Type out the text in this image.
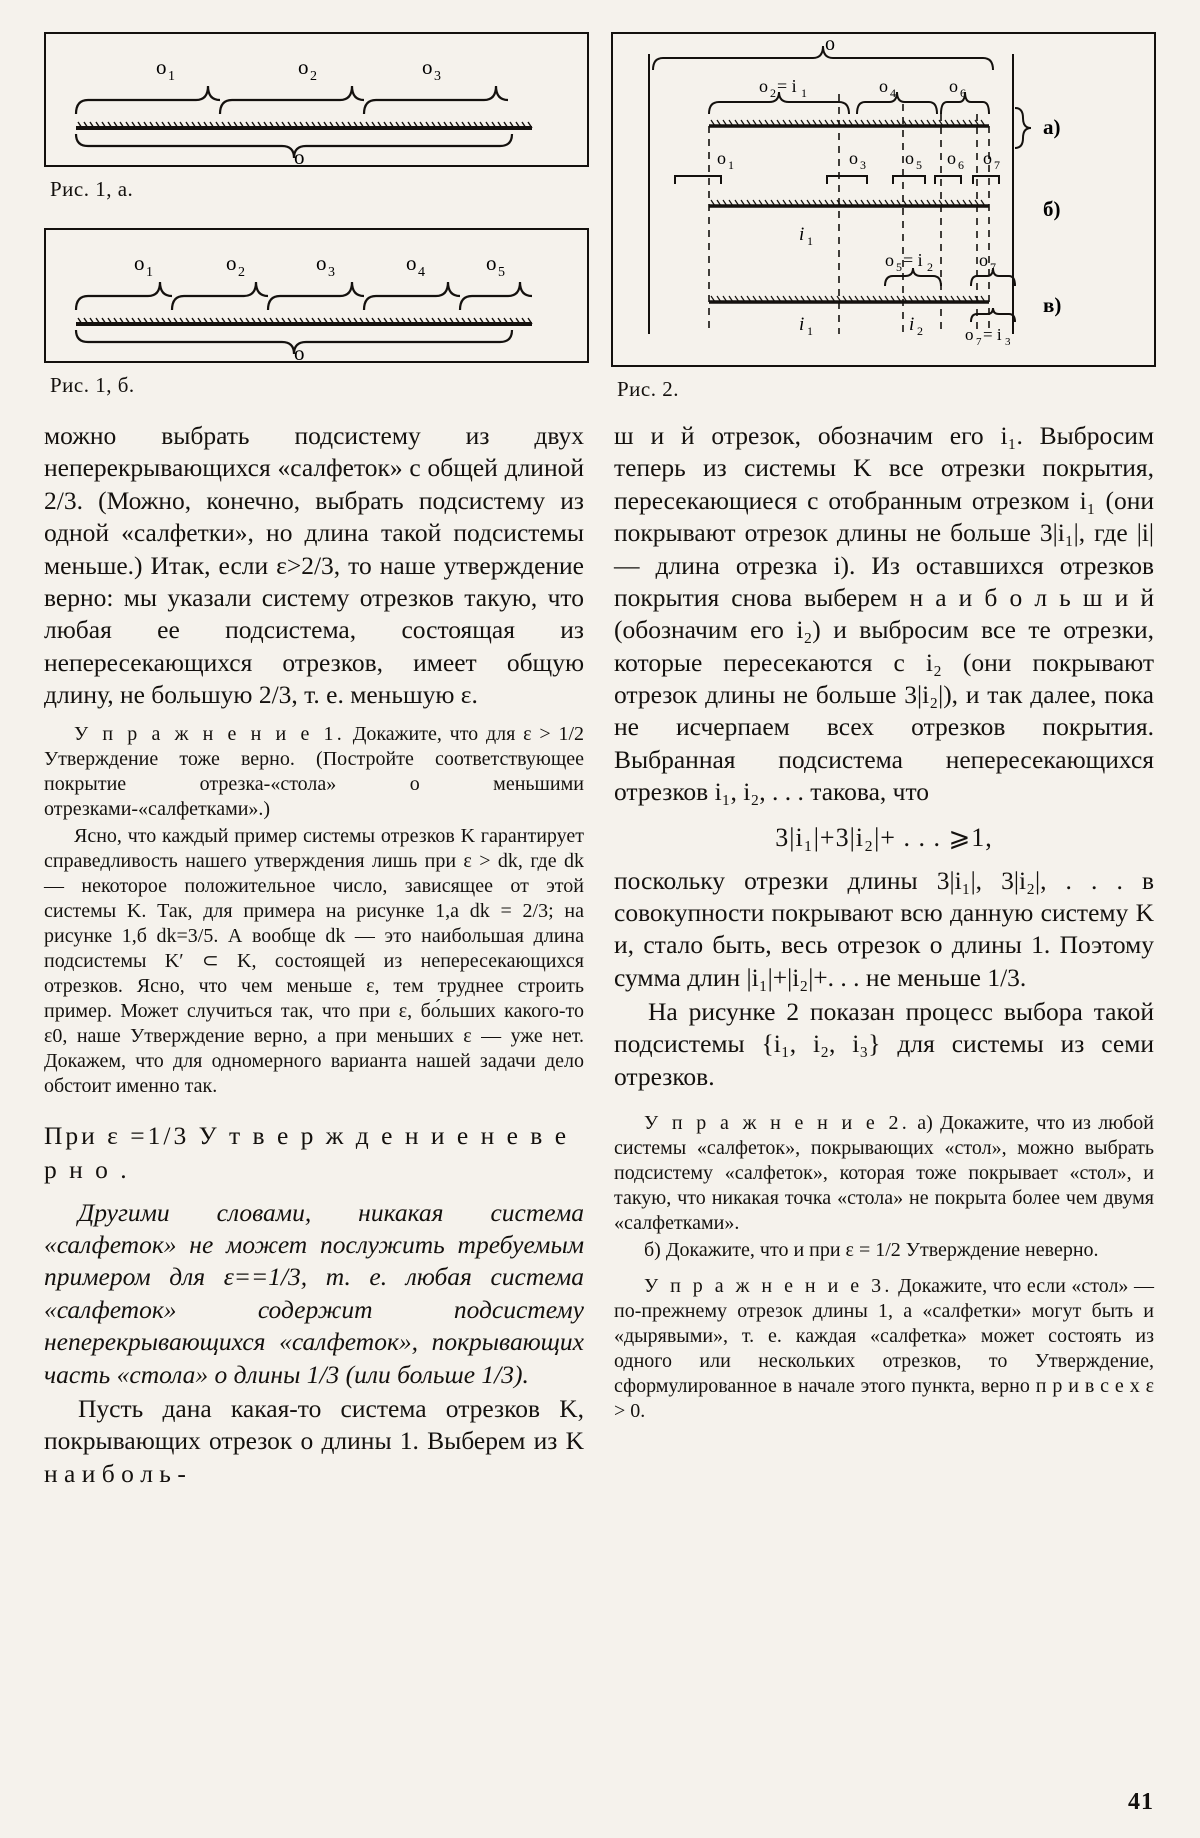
o 1	o 2	o 3
o
Рис. 1, а.
o 1	o 2	o 3	o 4	o 5
o
Рис. 1, б.
o
o 2 = i 1	o 4	o 6
а)
o 1	o 3 o 5 o 6 o 7
б)
i 1
o 5 = i 2	o 7
в)
i 1	i 2 o 7 = i 3
Рис. 2.

можно выбрать подсистему из двух неперекрывающихся «салфеток» с общей длиной 2/3. (Можно, конечно, выбрать подсистему из одной «салфетки», но длина такой подсистемы меньше.) Итак, если ε>2/3, то наше утверждение верно: мы указали систему отрезков такую, что любая ее подсистема, состоящая из непересекающихся отрезков, имеет общую длину, не большую 2/3, т. е. меньшую ε.

У п р а ж н е н и е 1. Докажите, что для ε > 1/2 Утверждение тоже верно. (Постройте соответствующее покрытие отрезка-«стола» o меньшими отрезками-«салфетками».)

Ясно, что каждый пример системы отрезков K гарантирует справедливость нашего утверждения лишь при ε > dk, где dk — некоторое положительное число, зависящее от этой системы K. Так, для примера на рисунке 1,а dk = 2/3; на рисунке 1,б dk=3/5. А вообще dk — это наибольшая длина подсистемы K′ ⊂ K, состоящей из непересекающихся отрезков. Ясно, что чем меньше ε, тем труднее строить пример. Может случиться так, что при ε, бо́льших какого-то ε0, наше Утверждение верно, а при меньших ε — уже нет. Докажем, что для одномерного варианта нашей задачи дело обстоит именно так.

При ε =1/3 У т в е р ж д е н и е н е в е р н о .

Другими словами, никакая система «салфеток» не может послужить требуемым примером для ε==1/3, т. е. любая система «салфеток» содержит подсистему неперекрывающихся «салфеток», покрывающих часть «стола» o длины 1/3 (или больше 1/3).

Пусть дана какая-то система отрезков K, покрывающих отрезок o длины 1. Выберем из K н а и б о л ь -

ш и й отрезок, обозначим его i₁. Выбросим теперь из системы K все отрезки покрытия, пересекающиеся с отобранным отрезком i₁ (они покрывают отрезок длины не больше 3|i₁|, где |i| — длина отрезка i). Из оставшихся отрезков покрытия снова выберем н а и б о л ь ш и й (обозначим его i₂) и выбросим все те отрезки, которые пересекаются с i₂ (они покрывают отрезок длины не больше 3|i₂|), и так далее, пока не исчерпаем всех отрезков покрытия. Выбранная подсистема непересекающихся отрезков i₁, i₂, . . . такова, что

3|i₁|+3|i₂|+ . . . ⩾1,

поскольку отрезки длины 3|i₁|, 3|i₂|, . . . в совокупности покрывают всю данную систему K и, стало быть, весь отрезок o длины 1. Поэтому сумма длин |i₁|+|i₂|+. . . не меньше 1/3.

На рисунке 2 показан процесс выбора такой подсистемы {i₁, i₂, i₃} для системы из семи отрезков.

У п р а ж н е н и е 2. а) Докажите, что из любой системы «салфеток», покрывающих «стол», можно выбрать подсистему «салфеток», которая тоже покрывает «стол», и такую, что никакая точка «стола» не покрыта более чем двумя «салфетками».

б) Докажите, что и при ε = 1/2 Утверждение неверно.

У п р а ж н е н и е 3. Докажите, что если «стол» — по-прежнему отрезок длины 1, а «салфетки» могут быть и «дырявыми», т. е. каждая «салфетка» может состоять из одного или нескольких отрезков, то Утверждение, сформулированное в начале этого пункта, верно п р и в с е х ε > 0.

41
